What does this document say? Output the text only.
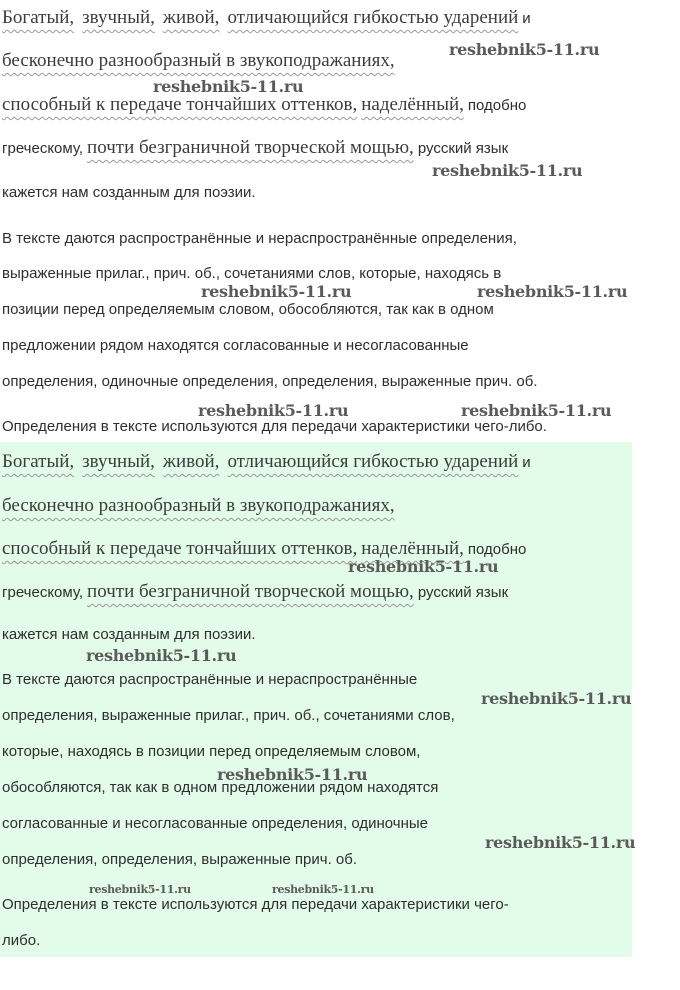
Богатый, звучный, живой, отличающийся гибкостью ударений и
бесконечно разнообразный в звукоподражаниях,
способный к передаче тончайших оттенков, наделённый, подобно
греческому, почти безграничной творческой мощью, русский язык
кажется нам созданным для поэзии.
В тексте даются распространённые и нераспространённые определения,
выраженные прилаг., прич. об., сочетаниями слов, которые, находясь в
позиции перед определяемым словом, обособляются, так как в одном
предложении рядом находятся согласованные и несогласованные
определения, одиночные определения, определения, выраженные прич. об.
Определения в тексте используются для передачи характеристики чего-либо.
Богатый, звучный, живой, отличающийся гибкостью ударений и
бесконечно разнообразный в звукоподражаниях,
способный к передаче тончайших оттенков, наделённый, подобно
греческому, почти безграничной творческой мощью, русский язык
кажется нам созданным для поэзии.
В тексте даются распространённые и нераспространённые
определения, выраженные прилаг., прич. об., сочетаниями слов,
которые, находясь в позиции перед определяемым словом,
обособляются, так как в одном предложении рядом находятся
согласованные и несогласованные определения, одиночные
определения, определения, выраженные прич. об.
Определения в тексте используются для передачи характеристики чего-
либо.
reshebnik5-11.ru
reshebnik5-11.ru
reshebnik5-11.ru
reshebnik5-11.ru	reshebnik5-11.ru
reshebnik5-11.ru	reshebnik5-11.ru
reshebnik5-11.ru
reshebnik5-11.ru
reshebnik5-11.ru
reshebnik5-11.ru
reshebnik5-11.ru
reshebnik5-11.ru	reshebnik5-11.ru
